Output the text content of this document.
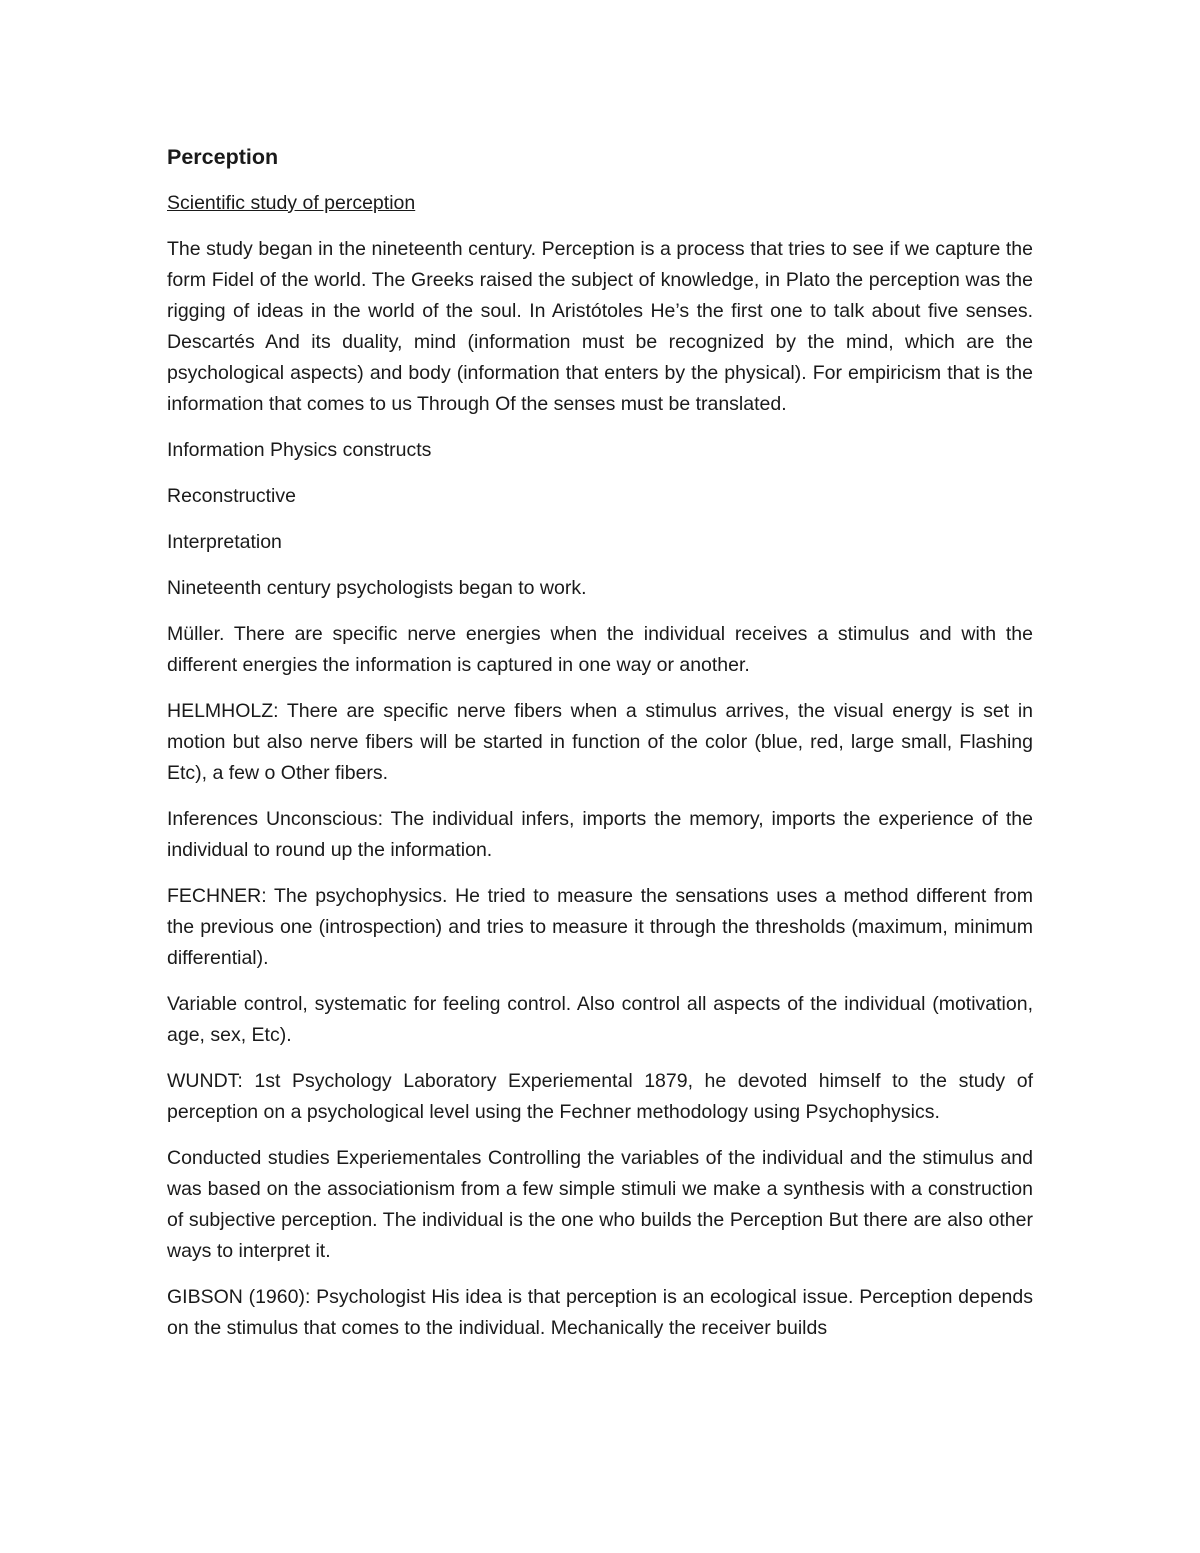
Perception
Scientific study of perception
The study began in the nineteenth century. Perception is a process that tries to see if we capture the form Fidel of the world. The Greeks raised the subject of knowledge, in Plato the perception was the rigging of ideas in the world of the soul. In Aristótoles He’s the first one to talk about five senses. Descartés And its duality, mind (information must be recognized by the mind, which are the psychological aspects) and body (information that enters by the physical). For empiricism that is the information that comes to us Through Of the senses must be translated.
Information Physics constructs
Reconstructive
Interpretation
Nineteenth century psychologists began to work.
Müller. There are specific nerve energies when the individual receives a stimulus and with the different energies the information is captured in one way or another.
HELMHOLZ: There are specific nerve fibers when a stimulus arrives, the visual energy is set in motion but also nerve fibers will be started in function of the color (blue, red, large small, Flashing Etc), a few o Other fibers.
Inferences Unconscious: The individual infers, imports the memory, imports the experience of the individual to round up the information.
FECHNER: The psychophysics. He tried to measure the sensations uses a method different from the previous one (introspection) and tries to measure it through the thresholds (maximum, minimum differential).
Variable control, systematic for feeling control. Also control all aspects of the individual (motivation, age, sex, Etc).
WUNDT: 1st Psychology Laboratory Experiemental 1879, he devoted himself to the study of perception on a psychological level using the Fechner methodology using Psychophysics.
Conducted studies Experiementales Controlling the variables of the individual and the stimulus and was based on the associationism from a few simple stimuli we make a synthesis with a construction of subjective perception. The individual is the one who builds the Perception But there are also other ways to interpret it.
GIBSON (1960): Psychologist His idea is that perception is an ecological issue. Perception depends on the stimulus that comes to the individual. Mechanically the receiver builds
